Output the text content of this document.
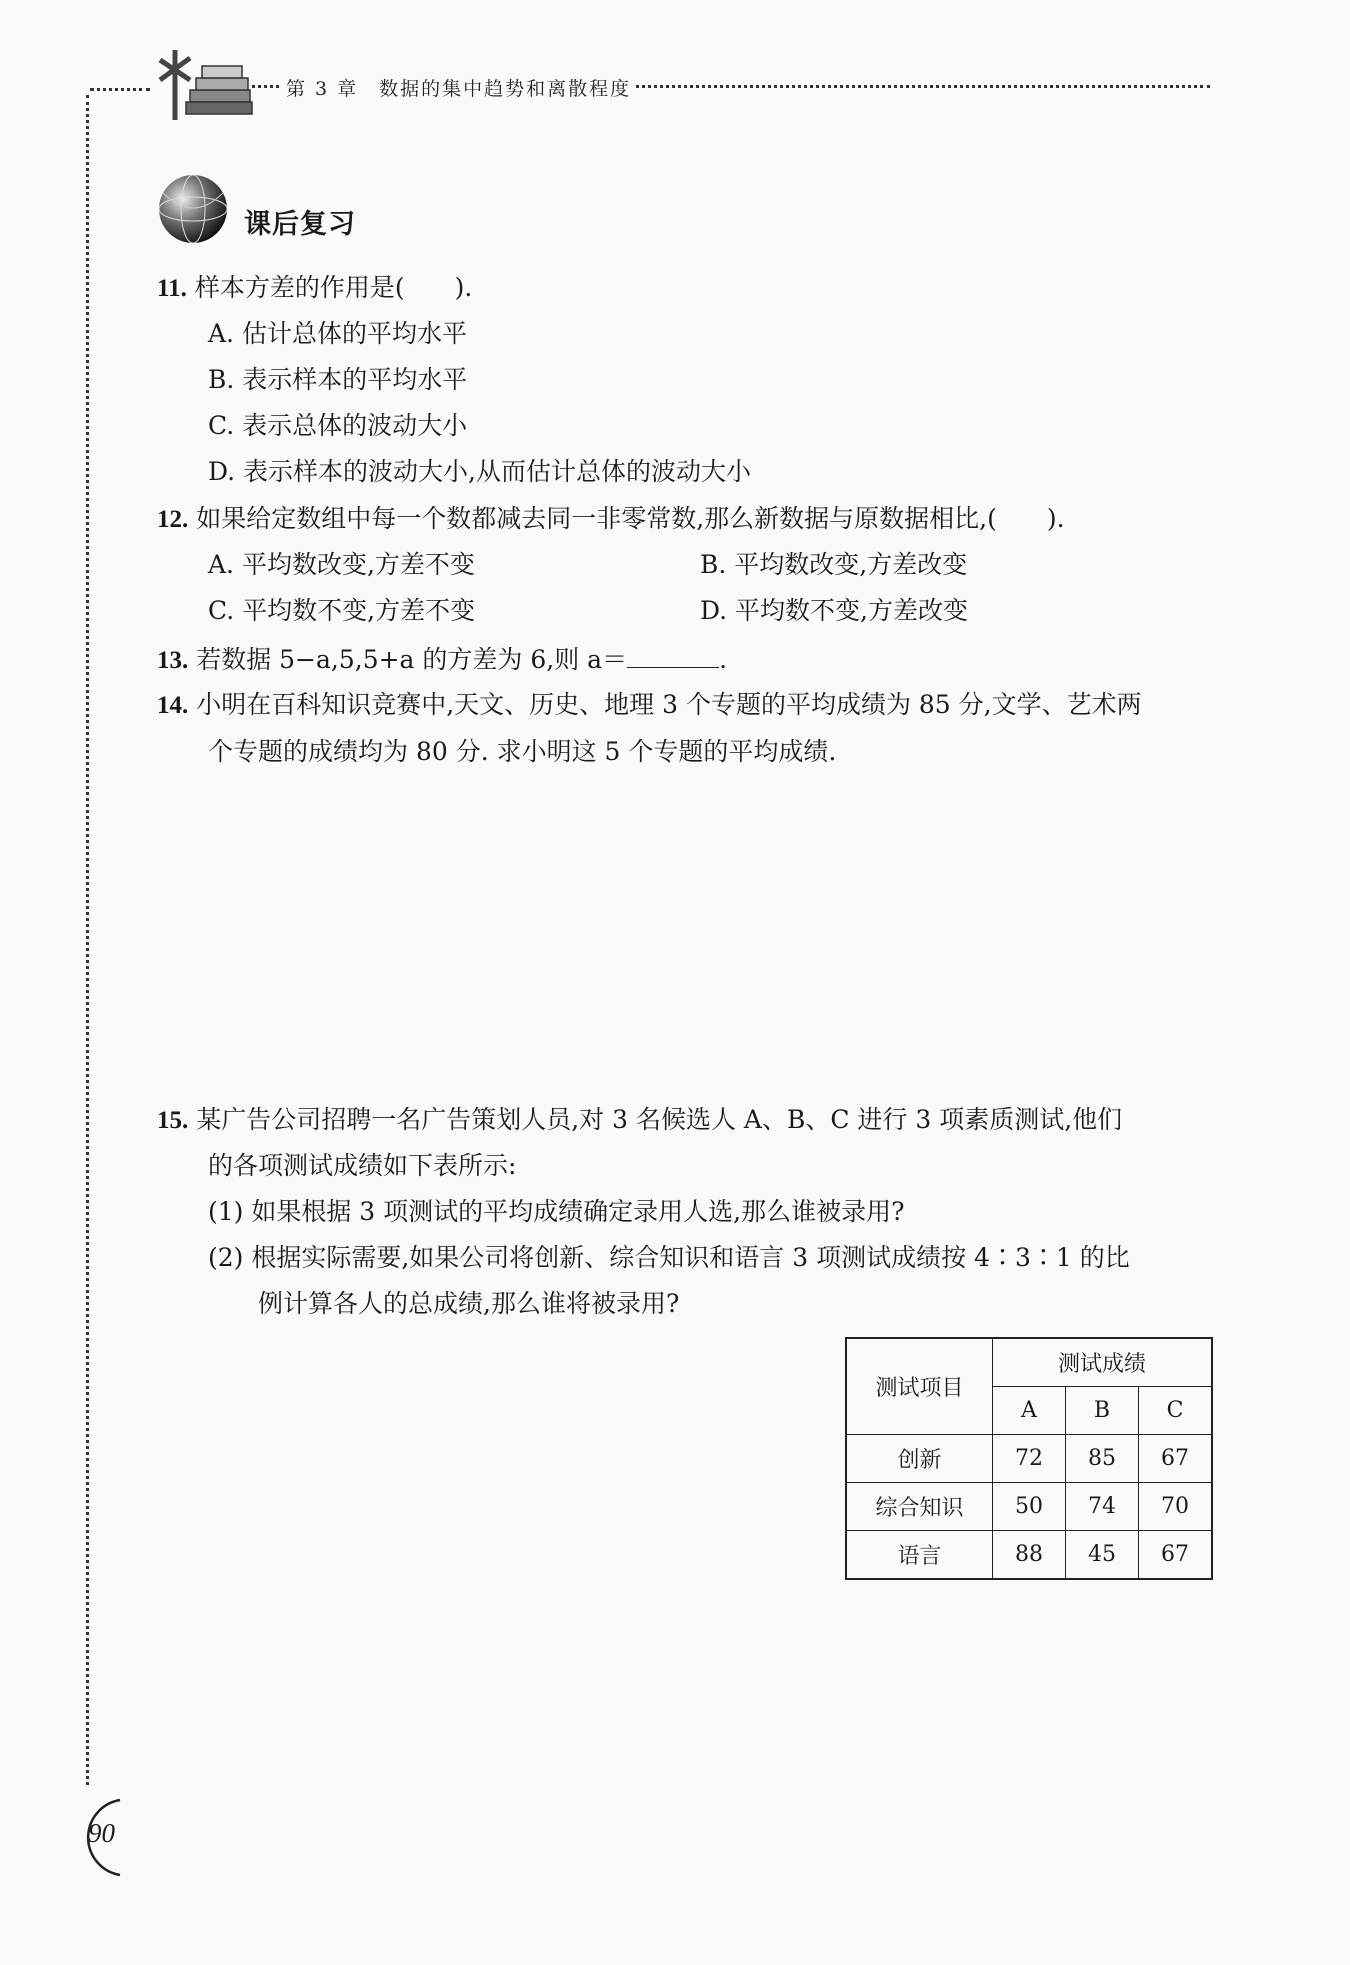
第 3 章　数据的集中趋势和离散程度
课后复习
11. 样本方差的作用是(　　).
A. 估计总体的平均水平
B. 表示样本的平均水平
C. 表示总体的波动大小
D. 表示样本的波动大小,从而估计总体的波动大小
12. 如果给定数组中每一个数都减去同一非零常数,那么新数据与原数据相比,(　　).
A. 平均数改变,方差不变	B. 平均数改变,方差改变
C. 平均数不变,方差不变	D. 平均数不变,方差改变
13. 若数据 5−a,5,5+a 的方差为 6,则 a＝	.
14. 小明在百科知识竞赛中,天文、历史、地理 3 个专题的平均成绩为 85 分,文学、艺术两
个专题的成绩均为 80 分. 求小明这 5 个专题的平均成绩.
15. 某广告公司招聘一名广告策划人员,对 3 名候选人 A、B、C 进行 3 项素质测试,他们
的各项测试成绩如下表所示:
(1) 如果根据 3 项测试的平均成绩确定录用人选,那么谁被录用?
(2) 根据实际需要,如果公司将创新、综合知识和语言 3 项测试成绩按 4∶3∶1 的比
例计算各人的总成绩,那么谁将被录用?
测试项目	测试成绩		
	A	B	C
创新	72	85	67
综合知识	50	74	70
语言	88	45	67
90
